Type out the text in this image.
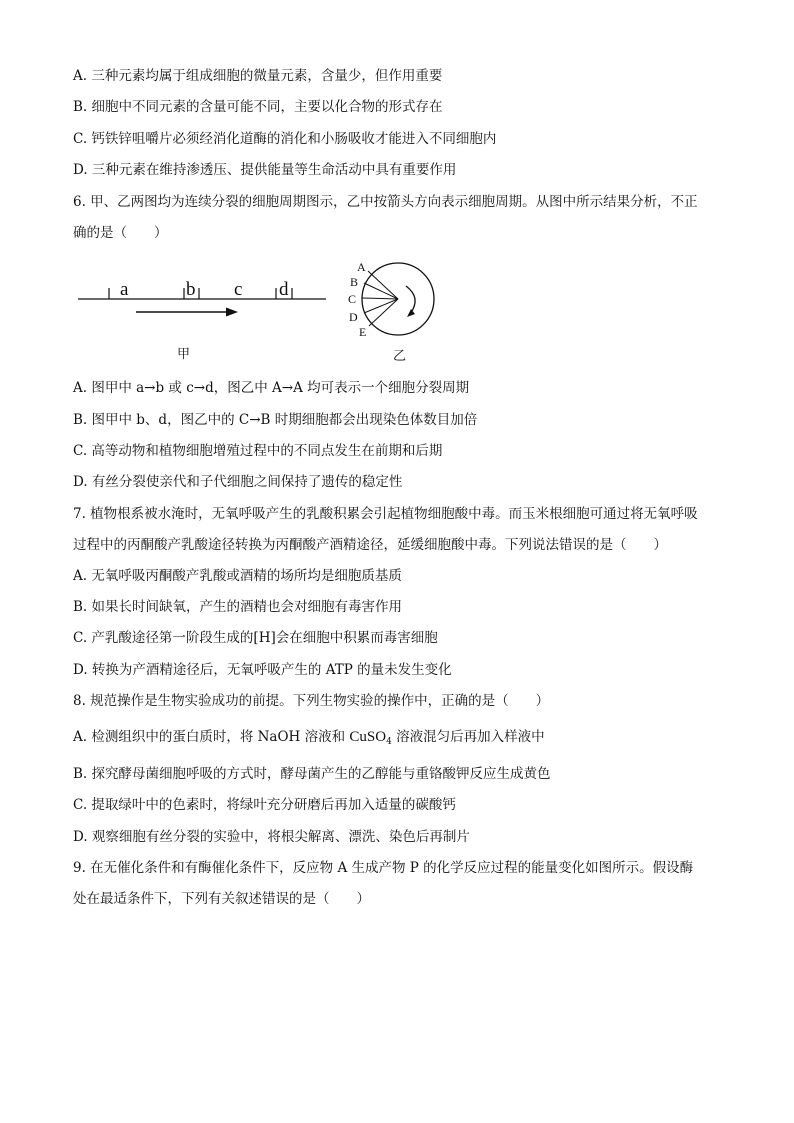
A. 三种元素均属于组成细胞的微量元素，含量少，但作用重要
B. 细胞中不同元素的含量可能不同，主要以化合物的形式存在
C. 钙铁锌咀嚼片必须经消化道酶的消化和小肠吸收才能进入不同细胞内
D. 三种元素在维持渗透压、提供能量等生命活动中具有重要作用
6. 甲、乙两图均为连续分裂的细胞周期图示，乙中按箭头方向表示细胞周期。从图中所示结果分析，不正
确的是（　　）
a	b c d
A
B
C
D
E
甲	乙
A. 图甲中 a→b 或 c→d，图乙中 A→A 均可表示一个细胞分裂周期
B. 图甲中 b、d，图乙中的 C→B 时期细胞都会出现染色体数目加倍
C. 高等动物和植物细胞增殖过程中的不同点发生在前期和后期
D. 有丝分裂使亲代和子代细胞之间保持了遗传的稳定性
7. 植物根系被水淹时，无氧呼吸产生的乳酸积累会引起植物细胞酸中毒。而玉米根细胞可通过将无氧呼吸
过程中的丙酮酸产乳酸途径转换为丙酮酸产酒精途径，延缓细胞酸中毒。下列说法错误的是（　　）
A. 无氧呼吸丙酮酸产乳酸或酒精的场所均是细胞质基质
B. 如果长时间缺氧，产生的酒精也会对细胞有毒害作用
C. 产乳酸途径第一阶段生成的[H]会在细胞中积累而毒害细胞
D. 转换为产酒精途径后，无氧呼吸产生的 ATP 的量未发生变化
8. 规范操作是生物实验成功的前提。下列生物实验的操作中，正确的是（　　）
A. 检测组织中的蛋白质时，将 NaOH 溶液和 CuSO$_4$ 溶液混匀后再加入样液中
B. 探究酵母菌细胞呼吸的方式时，酵母菌产生的乙醇能与重铬酸钾反应生成黄色
C. 提取绿叶中的色素时，将绿叶充分研磨后再加入适量的碳酸钙
D. 观察细胞有丝分裂的实验中，将根尖解离、漂洗、染色后再制片
9. 在无催化条件和有酶催化条件下，反应物 A 生成产物 P 的化学反应过程的能量变化如图所示。假设酶
处在最适条件下，下列有关叙述错误的是（　　）
